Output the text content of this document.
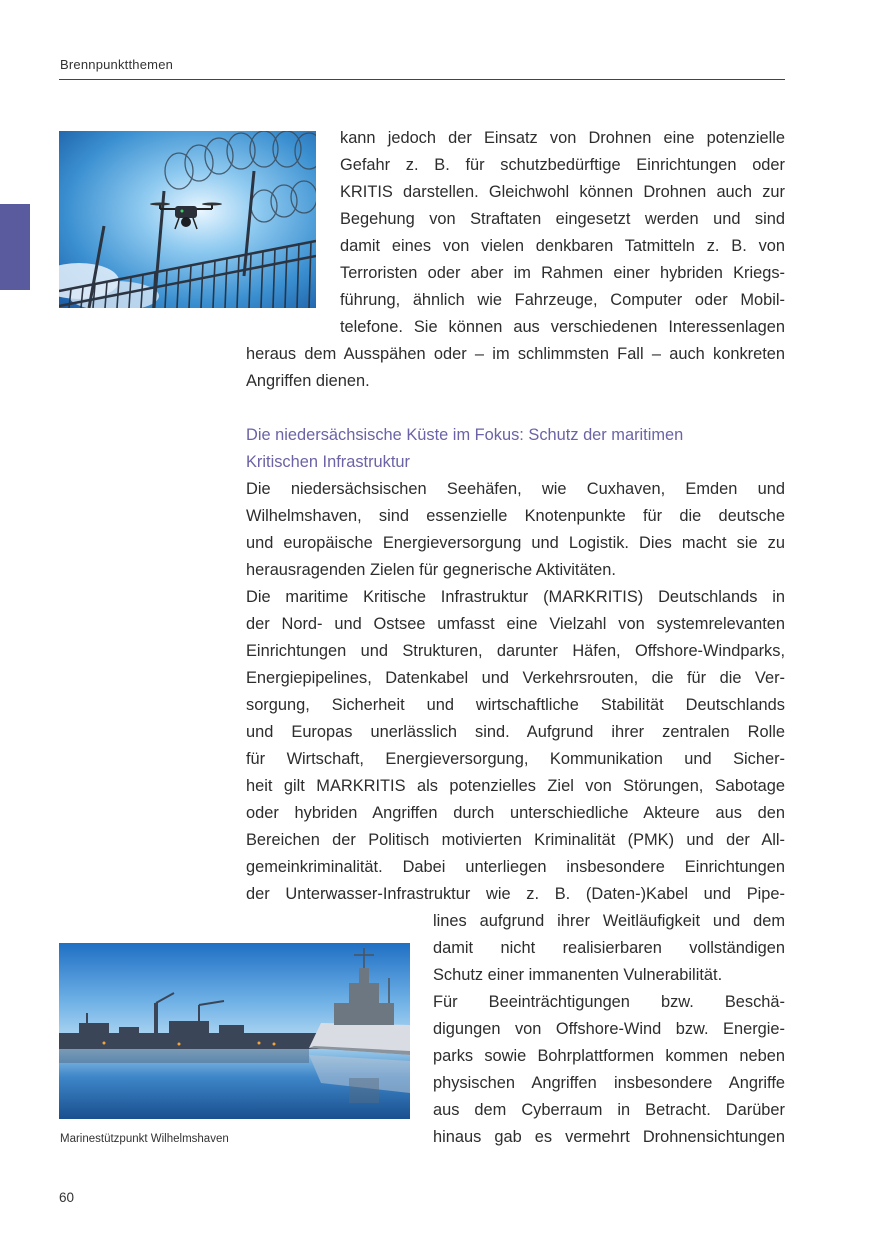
Brennpunktthemen
kann jedoch der Einsatz von Drohnen eine potenzielle
Gefahr z. B. für schutzbedürftige Einrichtungen oder
KRITIS darstellen. Gleichwohl können Drohnen auch zur
Begehung von Straftaten eingesetzt werden und sind
damit eines von vielen denkbaren Tatmitteln z. B. von
Terroristen oder aber im Rahmen einer hybriden Kriegs-
führung, ähnlich wie Fahrzeuge, Computer oder Mobil-
telefone. Sie können aus verschiedenen Interessenlagen
heraus dem Ausspähen oder – im schlimmsten Fall – auch konkreten
Angriffen dienen.
Die niedersächsische Küste im Fokus: Schutz der maritimen
Kritischen Infrastruktur
Die niedersächsischen Seehäfen, wie Cuxhaven, Emden und
Wilhelmshaven, sind essenzielle Knotenpunkte für die deutsche
und europäische Energieversorgung und Logistik. Dies macht sie zu
herausragenden Zielen für gegnerische Aktivitäten.
Die maritime Kritische Infrastruktur (MARKRITIS) Deutschlands in
der Nord- und Ostsee umfasst eine Vielzahl von systemrelevanten
Einrichtungen und Strukturen, darunter Häfen, Offshore-Windparks,
Energiepipelines, Datenkabel und Verkehrsrouten, die für die Ver-
sorgung, Sicherheit und wirtschaftliche Stabilität Deutschlands
und Europas unerlässlich sind. Aufgrund ihrer zentralen Rolle
für Wirtschaft, Energieversorgung, Kommunikation und Sicher-
heit gilt MARKRITIS als potenzielles Ziel von Störungen, Sabotage
oder hybriden Angriffen durch unterschiedliche Akteure aus den
Bereichen der Politisch motivierten Kriminalität (PMK) und der All-
gemeinkriminalität. Dabei unterliegen insbesondere Einrichtungen
der Unterwasser-Infrastruktur wie z. B. (Daten-)Kabel und Pipe-
lines aufgrund ihrer Weitläufigkeit und dem
damit nicht realisierbaren vollständigen
Schutz einer immanenten Vulnerabilität.
Für Beeinträchtigungen bzw. Beschä-
digungen von Offshore-Wind bzw. Energie-
parks sowie Bohrplattformen kommen neben
physischen Angriffen insbesondere Angriffe
aus dem Cyberraum in Betracht. Darüber
hinaus gab es vermehrt Drohnensichtungen
Marinestützpunkt Wilhelmshaven
60
